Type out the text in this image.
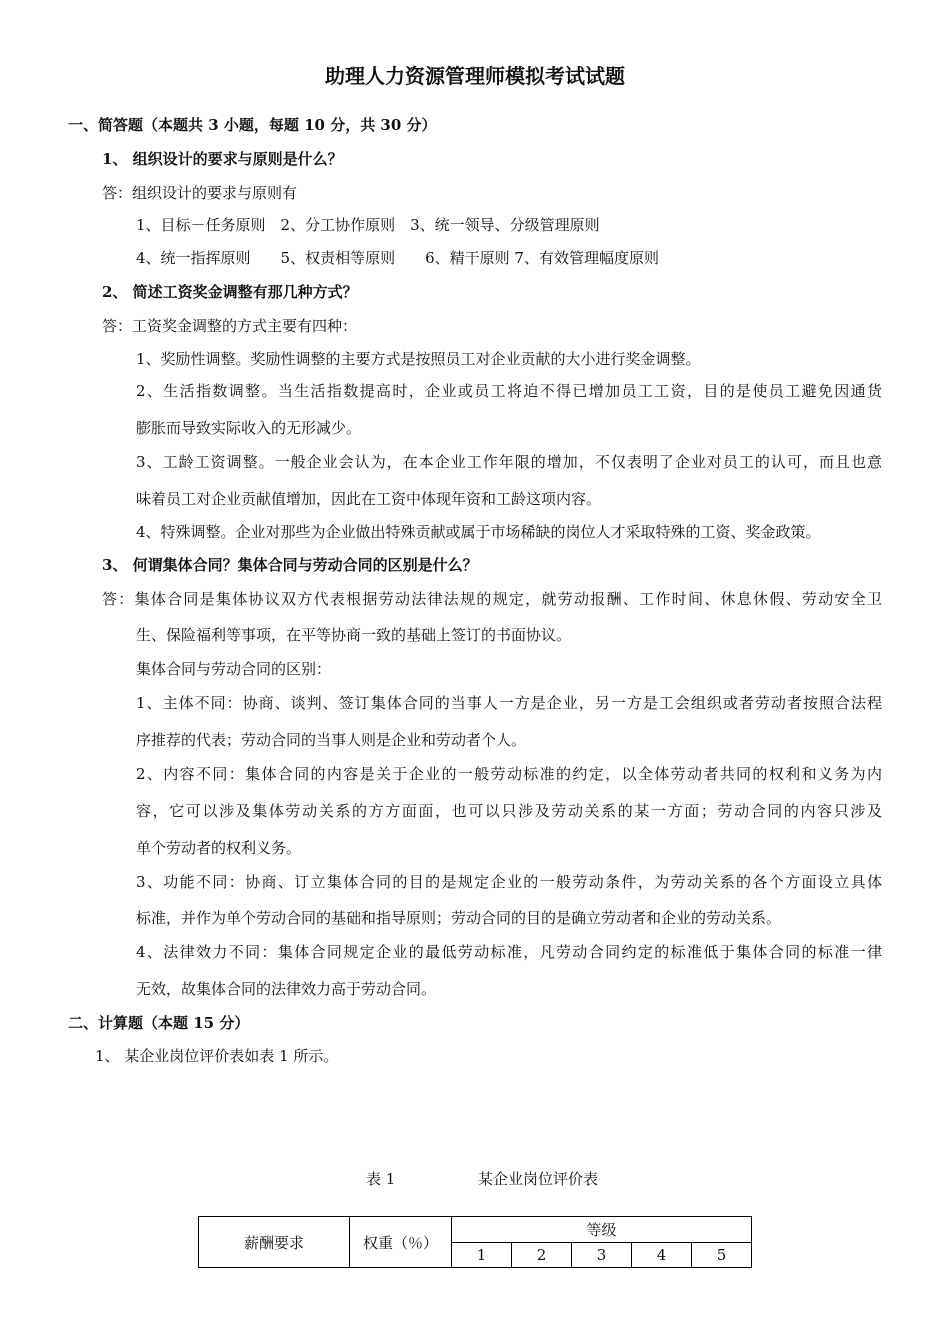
助理人力资源管理师模拟考试试题
一、简答题（本题共 3 小题，每题 10 分，共 30 分）
1、 组织设计的要求与原则是什么？
答：组织设计的要求与原则有
1、目标－任务原则　2、分工协作原则　3、统一领导、分级管理原则
4、统一指挥原则　　5、权责相等原则　　6、精干原则 7、有效管理幅度原则
2、 简述工资奖金调整有那几种方式？
答：工资奖金调整的方式主要有四种：
1、奖励性调整。奖励性调整的主要方式是按照员工对企业贡献的大小进行奖金调整。
2、生活指数调整。当生活指数提高时，企业或员工将迫不得已增加员工工资，目的是使员工避免因通货
膨胀而导致实际收入的无形减少。
3、工龄工资调整。一般企业会认为，在本企业工作年限的增加，不仅表明了企业对员工的认可，而且也意
味着员工对企业贡献值增加，因此在工资中体现年资和工龄这项内容。
4、特殊调整。企业对那些为企业做出特殊贡献或属于市场稀缺的岗位人才采取特殊的工资、奖金政策。
3、 何谓集体合同？集体合同与劳动合同的区别是什么？
答：集体合同是集体协议双方代表根据劳动法律法规的规定，就劳动报酬、工作时间、休息休假、劳动安全卫
生、保险福利等事项，在平等协商一致的基础上签订的书面协议。
集体合同与劳动合同的区别：
1、主体不同：协商、谈判、签订集体合同的当事人一方是企业，另一方是工会组织或者劳动者按照合法程
序推荐的代表；劳动合同的当事人则是企业和劳动者个人。
2、内容不同：集体合同的内容是关于企业的一般劳动标准的约定，以全体劳动者共同的权利和义务为内
容，它可以涉及集体劳动关系的方方面面，也可以只涉及劳动关系的某一方面；劳动合同的内容只涉及
单个劳动者的权利义务。
3、功能不同：协商、订立集体合同的目的是规定企业的一般劳动条件，为劳动关系的各个方面设立具体
标准，并作为单个劳动合同的基础和指导原则；劳动合同的目的是确立劳动者和企业的劳动关系。
4、法律效力不同：集体合同规定企业的最低劳动标准，凡劳动合同约定的标准低于集体合同的标准一律
无效，故集体合同的法律效力高于劳动合同。
二、计算题（本题 15 分）
1、 某企业岗位评价表如表 1 所示。
表 1	某企业岗位评价表
薪酬要求	权重（％）	等级				
		1	2	3	4	5
